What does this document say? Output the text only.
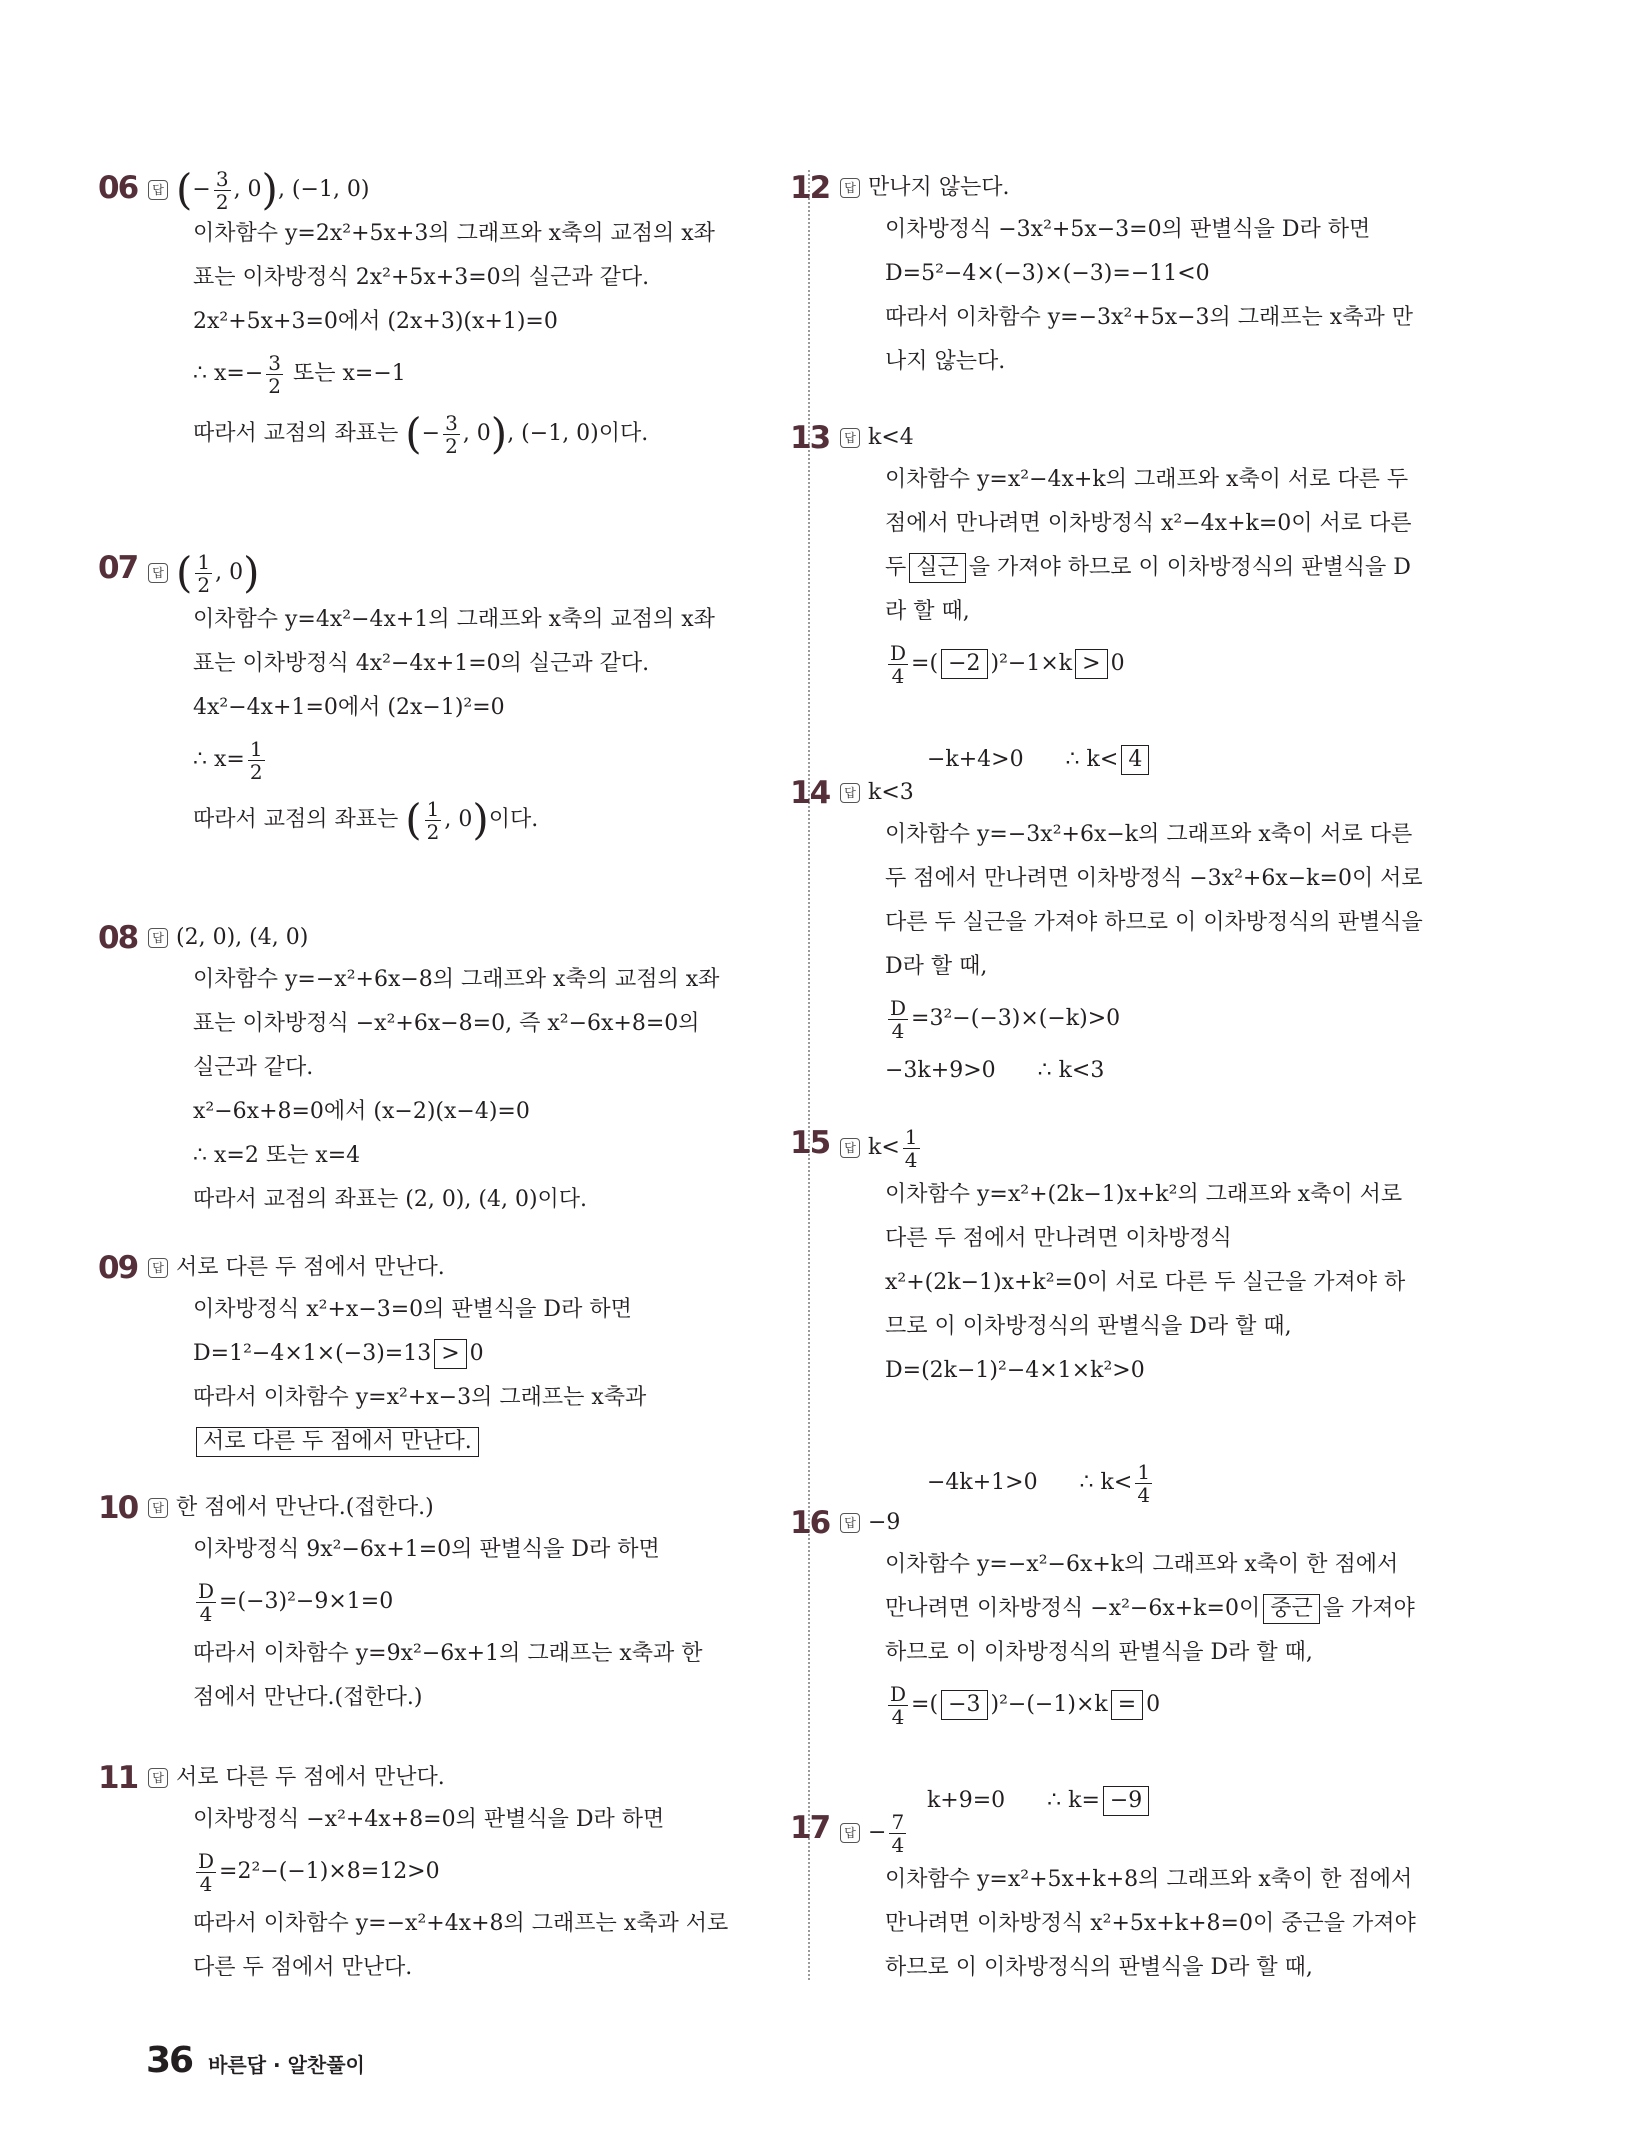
06	답 ( − $\frac{3}{2}$ , 0 ) , (−1, 0)
이차함수 y=2x²+5x+3의 그래프와 x축의 교점의 x좌
표는 이차방정식 2x²+5x+3=0의 실근과 같다.
2x²+5x+3=0에서 (2x+3)(x+1)=0
∴ $x=- \frac{3}{2}$ 또는 x=−1
따라서 교점의 좌표는 (− $\frac{3}{2}$ , 0), (−1, 0)이다.
07	답 ( $\frac{1}{2}$ , 0 )
이차함수 y=4x²−4x+1의 그래프와 x축의 교점의 x좌
표는 이차방정식 4x²−4x+1=0의 실근과 같다.
4x²−4x+1=0에서 (2x−1)²=0
∴ $x= \frac{1}{2}$
따라서 교점의 좌표는 ( $\frac{1}{2}$ , 0)이다.
08	답 (2, 0), (4, 0)
이차함수 y=−x²+6x−8의 그래프와 x축의 교점의 x좌
표는 이차방정식 −x²+6x−8=0, 즉 x²−6x+8=0의
실근과 같다.
x²−6x+8=0에서 (x−2)(x−4)=0
∴ x=2 또는 x=4
따라서 교점의 좌표는 (2, 0), (4, 0)이다.
09	답 서로 다른 두 점에서 만난다.
이차방정식 x²+x−3=0의 판별식을 D라 하면
D=1²−4×1×(−3)=13 > 0
따라서 이차함수 y=x²+x−3의 그래프는 x축과
서로 다른 두 점에서 만난다.
10	답 한 점에서 만난다.(접한다.)
이차방정식 9x²−6x+1=0의 판별식을 D라 하면
$\frac{D}{4} =(-3)^2-9\times 1=0$
따라서 이차함수 y=9x²−6x+1의 그래프는 x축과 한
점에서 만난다.(접한다.)
11	답 서로 다른 두 점에서 만난다.
이차방정식 −x²+4x+8=0의 판별식을 D라 하면
$\frac{D}{4} =2^2-(-1)\times 8=12>0$
따라서 이차함수 y=−x²+4x+8의 그래프는 x축과 서로
다른 두 점에서 만난다.
12	답 만나지 않는다.
이차방정식 −3x²+5x−3=0의 판별식을 D라 하면
D=5²−4×(−3)×(−3)=−11<0
따라서 이차함수 y=−3x²+5x−3의 그래프는 x축과 만
나지 않는다.
13	답 k<4
이차함수 y=x²−4x+k의 그래프와 x축이 서로 다른 두
점에서 만나려면 이차방정식 x²−4x+k=0이 서로 다른
두 실근 을 가져야 하므로 이 이차방정식의 판별식을 D
라 할 때,
$\frac{D}{4}$ =( −2 )²−1×k > 0

−k+4>0      ∴ k< 4

14	답 k<3
이차함수 y=−3x²+6x−k의 그래프와 x축이 서로 다른
두 점에서 만나려면 이차방정식 −3x²+6x−k=0이 서로
다른 두 실근을 가져야 하므로 이 이차방정식의 판별식을
D라 할 때,
$\frac{D}{4} =3^2-(-3)\times(-k)>0$
−3k+9>0      ∴ k<3
15	답 $k< \frac{1}{4}$
이차함수 y=x²+(2k−1)x+k²의 그래프와 x축이 서로
다른 두 점에서 만나려면 이차방정식
x²+(2k−1)x+k²=0이 서로 다른 두 실근을 가져야 하
므로 이 이차방정식의 판별식을 D라 할 때,
D=(2k−1)²−4×1×k²>0

−4k+1>0      ∴ $k< \frac{1}{4}$

16	답 −9
이차함수 y=−x²−6x+k의 그래프와 x축이 한 점에서
만나려면 이차방정식 −x²−6x+k=0이 중근 을 가져야
하므로 이 이차방정식의 판별식을 D라 할 때,
$\frac{D}{4}$ =( −3 )²−(−1)×k = 0

k+9=0      ∴ k= −9

17	답 − $\frac{7}{4}$
이차함수 y=x²+5x+k+8의 그래프와 x축이 한 점에서
만나려면 이차방정식 x²+5x+k+8=0이 중근을 가져야
하므로 이 이차방정식의 판별식을 D라 할 때,
36 바른답 · 알찬풀이
